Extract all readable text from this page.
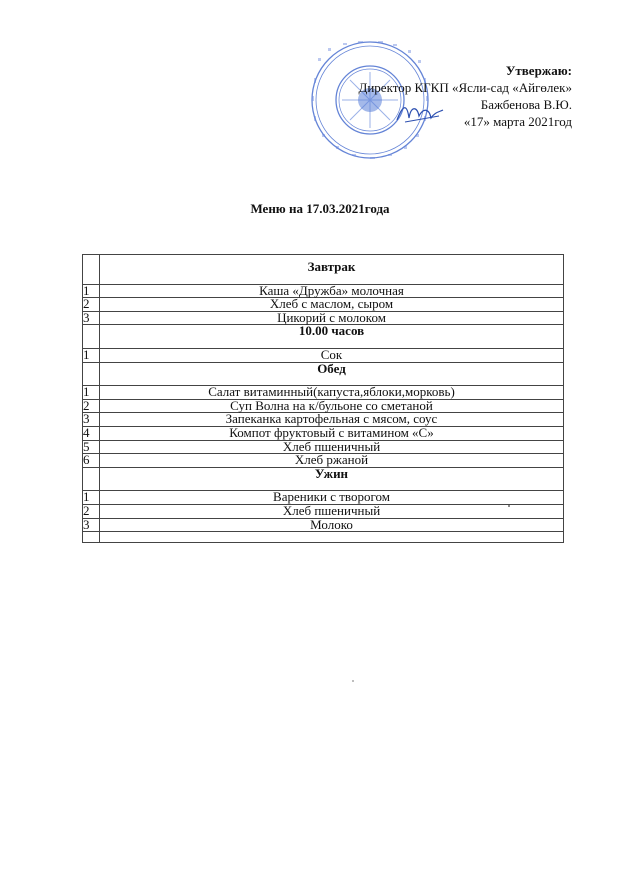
Утвержаю:
Директор КГКП «Ясли-сад «Айгөлек»
Бажбенова В.Ю.
«17» марта 2021год
Меню на 17.03.2021года
	Завтрак

1	Каша «Дружба» молочная
2	Хлеб с маслом, сыром
3	Цикорий с молоком
	10.00 часов

1	Сок
	Обед

1	Салат витаминный(капуста,яблоки,морковь)
2	Суп Волна на к/бульоне со сметаной
3	Запеканка картофельная с мясом, соус
4	Компот фруктовый с витамином «С»
5	Хлеб пшеничный
6	Хлеб ржаной
	Ужин

1	Вареники с творогом
2	Хлеб пшеничный
3	Молоко
